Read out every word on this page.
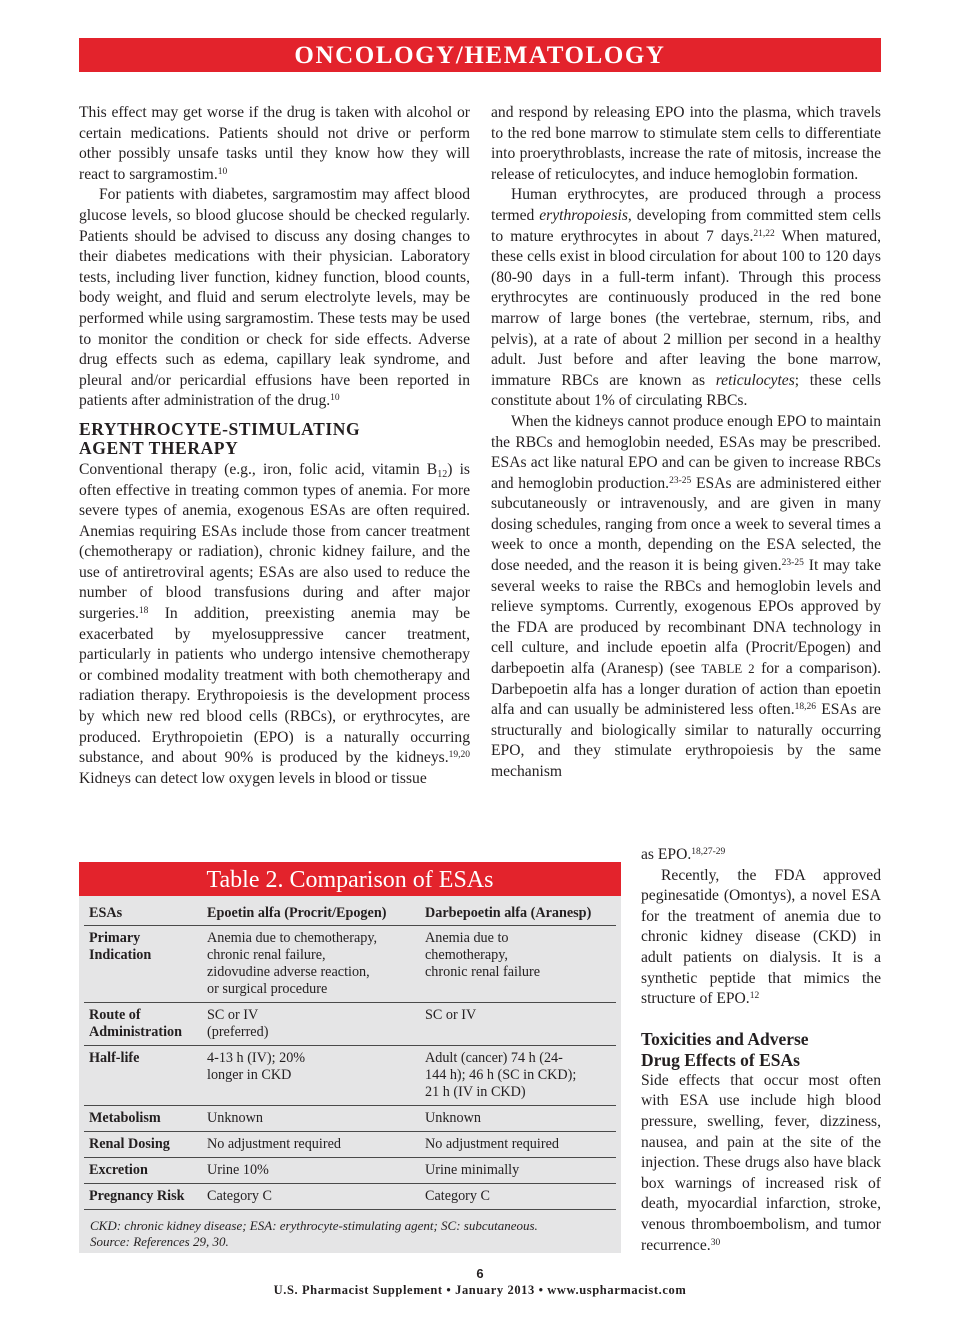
ONCOLOGY/HEMATOLOGY

This effect may get worse if the drug is taken with alcohol or certain medications. Patients should not drive or perform other possibly unsafe tasks until they know how they will react to sargramostim.$^{10}$

For patients with diabetes, sargramostim may affect blood glucose levels, so blood glucose should be checked regularly. Patients should be advised to discuss any dosing changes to their diabetes medications with their physician. Laboratory tests, including liver function, kidney function, blood counts, body weight, and fluid and serum electrolyte levels, may be performed while using sargramostim. These tests may be used to monitor the condition or check for side effects. Adverse drug effects such as edema, capillary leak syndrome, and pleural and/or pericardial effusions have been reported in patients after administration of the drug.$^{10}$

ERYTHROCYTE-STIMULATING
AGENT THERAPY

Conventional therapy (e.g., iron, folic acid, vitamin $B_{12}$) is often effective in treating common types of anemia. For more severe types of anemia, exogenous ESAs are often required. Anemias requiring ESAs include those from cancer treatment (chemotherapy or radiation), chronic kidney failure, and the use of antiretroviral agents; ESAs are also used to reduce the number of blood transfusions during and after major surgeries.$^{18}$ In addition, preexisting anemia may be exacerbated by myelosuppressive cancer treatment, particularly in patients who undergo intensive chemotherapy or combined modality treatment with both chemotherapy and radiation therapy. Erythropoiesis is the development process by which new red blood cells (RBCs), or erythrocytes, are produced. Erythropoietin (EPO) is a naturally occurring substance, and about 90% is produced by the kidneys.$^{19,20}$ Kidneys can detect low oxygen levels in blood or tissue

and respond by releasing EPO into the plasma, which travels to the red bone marrow to stimulate stem cells to differentiate into proerythroblasts, increase the rate of mitosis, increase the release of reticulocytes, and induce hemoglobin formation.

Human erythrocytes, are produced through a process termed erythropoiesis, developing from committed stem cells to mature erythrocytes in about 7 days.$^{21,22}$ When matured, these cells exist in blood circulation for about 100 to 120 days (80-90 days in a full-term infant). Through this process erythrocytes are continuously produced in the red bone marrow of large bones (the vertebrae, sternum, ribs, and pelvis), at a rate of about 2 million per second in a healthy adult. Just before and after leaving the bone marrow, immature RBCs are known as reticulocytes; these cells constitute about 1% of circulating RBCs.

When the kidneys cannot produce enough EPO to maintain the RBCs and hemoglobin needed, ESAs may be prescribed. ESAs act like natural EPO and can be given to increase RBCs and hemoglobin production.$^{23-25}$ ESAs are administered either subcutaneously or intravenously, and are given in many dosing schedules, ranging from once a week to several times a week to once a month, depending on the ESA selected, the dose needed, and the reason it is being given.$^{23-25}$ It may take several weeks to raise the RBCs and hemoglobin levels and relieve symptoms. Currently, exogenous EPOs approved by the FDA are produced by recombinant DNA technology in cell culture, and include epoetin alfa (Procrit/Epogen) and darbepoetin alfa (Aranesp) (see TABLE 2 for a comparison). Darbepoetin alfa has a longer duration of action than epoetin alfa and can usually be administered less often.$^{18,26}$ ESAs are structurally and biologically similar to naturally occurring EPO, and they stimulate erythropoiesis by the same mechanism

as EPO.$^{18,27-29}$

Recently, the FDA approved peginesatide (Omontys), a novel ESA for the treatment of anemia due to chronic kidney disease (CKD) in adult patients on dialysis. It is a synthetic peptide that mimics the structure of EPO.$^{12}$

Toxicities and Adverse
Drug Effects of ESAs

Side effects that occur most often with ESA use include high blood pressure, swelling, fever, dizziness, nausea, and pain at the site of the injection. These drugs also have black box warnings of increased risk of death, myocardial infarction, stroke, venous thromboembolism, and tumor recurrence.$^{30}$

Table 2. Comparison of ESAs
ESAs	Epoetin alfa (Procrit/Epogen)	Darbepoetin alfa (Aranesp)
Primary
Indication	Anemia due to chemotherapy,
chronic renal failure,
zidovudine adverse reaction,
or surgical procedure	Anemia due to
chemotherapy,
chronic renal failure
Route of
Administration	SC or IV
(preferred)	SC or IV
Half-life	4-13 h (IV); 20%
longer in CKD	Adult (cancer) 74 h (24-
144 h); 46 h (SC in CKD);
21 h (IV in CKD)
Metabolism	Unknown	Unknown
Renal Dosing	No adjustment required	No adjustment required
Excretion	Urine 10%	Urine minimally
Pregnancy Risk	Category C	Category C
CKD: chronic kidney disease; ESA: erythrocyte-stimulating agent; SC: subcutaneous.
Source: References 29, 30.
6
U.S. Pharmacist Supplement • January 2013 • www.uspharmacist.com
